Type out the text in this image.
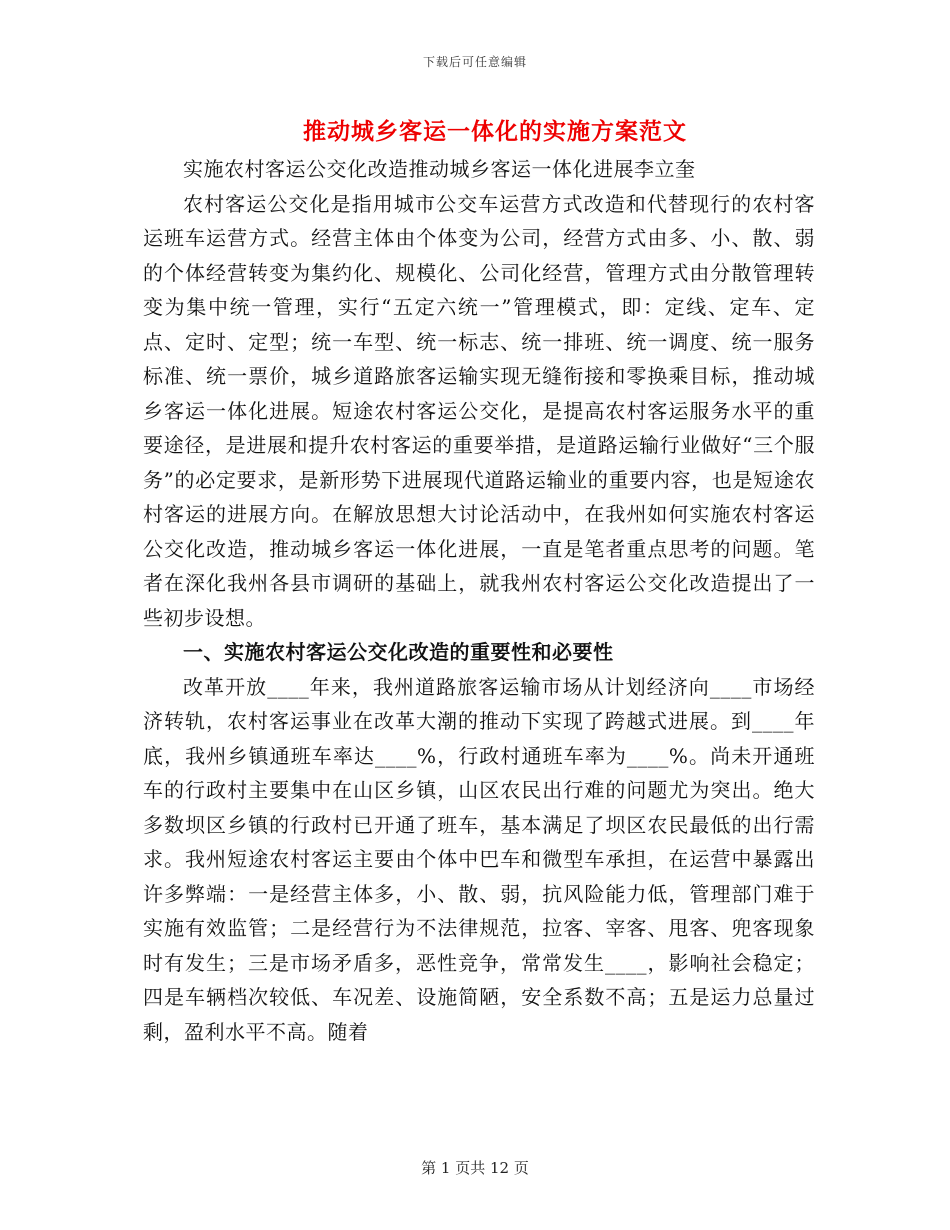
下载后可任意编辑
推动城乡客运一体化的实施方案范文

实施农村客运公交化改造推动城乡客运一体化进展李立奎

农村客运公交化是指用城市公交车运营方式改造和代替现行的农村客运班车运营方式。经营主体由个体变为公司，经营方式由多、小、散、弱的个体经营转变为集约化、规模化、公司化经营，管理方式由分散管理转变为集中统一管理，实行“五定六统一”管理模式，即：定线、定车、定点、定时、定型；统一车型、统一标志、统一排班、统一调度、统一服务标准、统一票价，城乡道路旅客运输实现无缝衔接和零换乘目标，推动城乡客运一体化进展。短途农村客运公交化，是提高农村客运服务水平的重要途径，是进展和提升农村客运的重要举措，是道路运输行业做好“三个服务”的必定要求，是新形势下进展现代道路运输业的重要内容，也是短途农村客运的进展方向。在解放思想大讨论活动中，在我州如何实施农村客运公交化改造，推动城乡客运一体化进展，一直是笔者重点思考的问题。笔者在深化我州各县市调研的基础上，就我州农村客运公交化改造提出了一些初步设想。

一、实施农村客运公交化改造的重要性和必要性

改革开放____年来，我州道路旅客运输市场从计划经济向____市场经济转轨，农村客运事业在改革大潮的推动下实现了跨越式进展。到____年底，我州乡镇通班车率达____%，行政村通班车率为____%。尚未开通班车的行政村主要集中在山区乡镇，山区农民出行难的问题尤为突出。绝大多数坝区乡镇的行政村已开通了班车，基本满足了坝区农民最低的出行需求。我州短途农村客运主要由个体中巴车和微型车承担，在运营中暴露出许多弊端：一是经营主体多，小、散、弱，抗风险能力低，管理部门难于实施有效监管；二是经营行为不法律规范，拉客、宰客、甩客、兜客现象时有发生；三是市场矛盾多，恶性竞争，常常发生____，影响社会稳定；四是车辆档次较低、车况差、设施简陋，安全系数不高；五是运力总量过剩，盈利水平不高。随着

第 1 页共 12 页
